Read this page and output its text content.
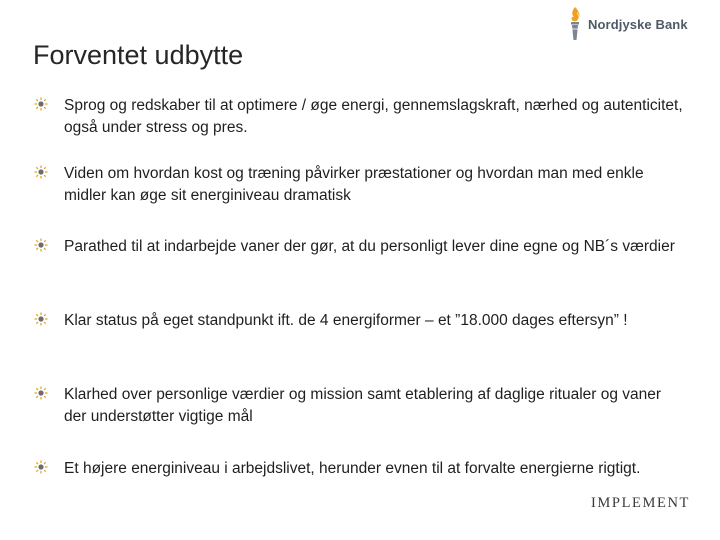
Nordjyske Bank
Forventet udbytte
Sprog og redskaber til at optimere / øge energi, gennemslagskraft, nærhed og autenticitet, også under stress og pres.
Viden om hvordan kost og træning påvirker præstationer og hvordan man med enkle midler kan øge sit energiniveau dramatisk
Parathed til at indarbejde vaner der gør, at du personligt lever dine egne og NB´s værdier
Klar status på eget standpunkt ift. de 4 energiformer – et ”18.000 dages eftersyn” !
Klarhed over personlige værdier og mission samt etablering af daglige ritualer og vaner der understøtter vigtige mål
Et højere energiniveau i arbejdslivet, herunder evnen til at forvalte energierne rigtigt.
IMPLEMENT
